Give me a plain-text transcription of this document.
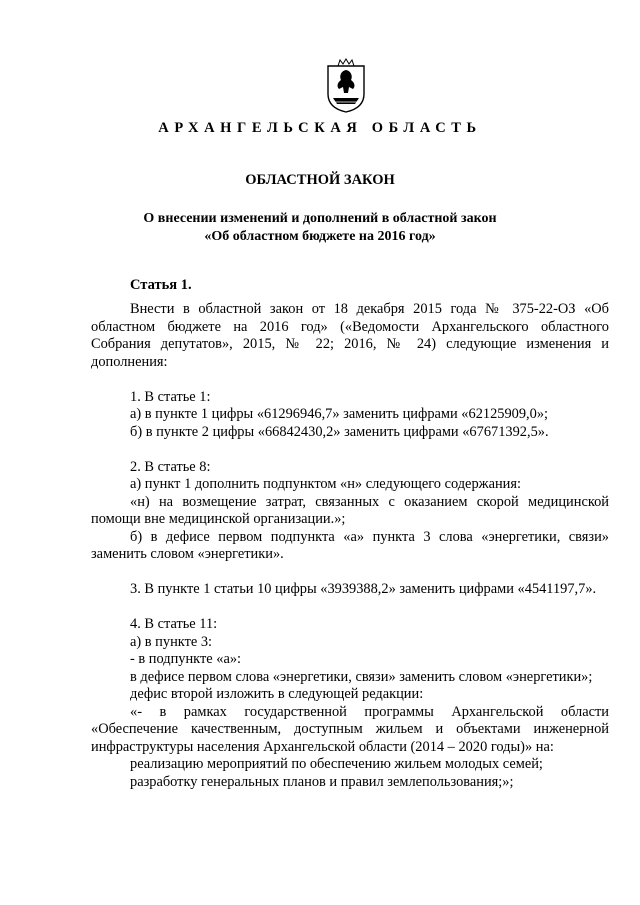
АРХАНГЕЛЬСКАЯ ОБЛАСТЬ
ОБЛАСТНОЙ ЗАКОН
О внесении изменений и дополнений в областной закон
«Об областном бюджете на 2016 год»
Статья 1.

Внести в областной закон от 18 декабря 2015 года № 375-22-ОЗ «Об областном бюджете на 2016 год» («Ведомости Архангельского областного Собрания депутатов», 2015, № 22; 2016, № 24) следующие изменения и дополнения:

1. В статье 1:

а) в пункте 1 цифры «61296946,7» заменить цифрами «62125909,0»;

б) в пункте 2 цифры «66842430,2» заменить цифрами «67671392,5».

2. В статье 8:

а) пункт 1 дополнить подпунктом «н» следующего содержания:

«н) на возмещение затрат, связанных с оказанием скорой медицинской помощи вне медицинской организации.»;

б) в дефисе первом подпункта «а» пункта 3 слова «энергетики, связи» заменить словом «энергетики».

3. В пункте 1 статьи 10 цифры «3939388,2» заменить цифрами «4541197,7».

4. В статье 11:

а) в пункте 3:

- в подпункте «а»:

в дефисе первом слова «энергетики, связи» заменить словом «энергетики»;

дефис второй изложить в следующей редакции:

«- в рамках государственной программы Архангельской области «Обеспечение качественным, доступным жильем и объектами инженерной инфраструктуры населения Архангельской области (2014 – 2020 годы)» на:

реализацию мероприятий по обеспечению жильем молодых семей;

разработку генеральных планов и правил землепользования;»;
